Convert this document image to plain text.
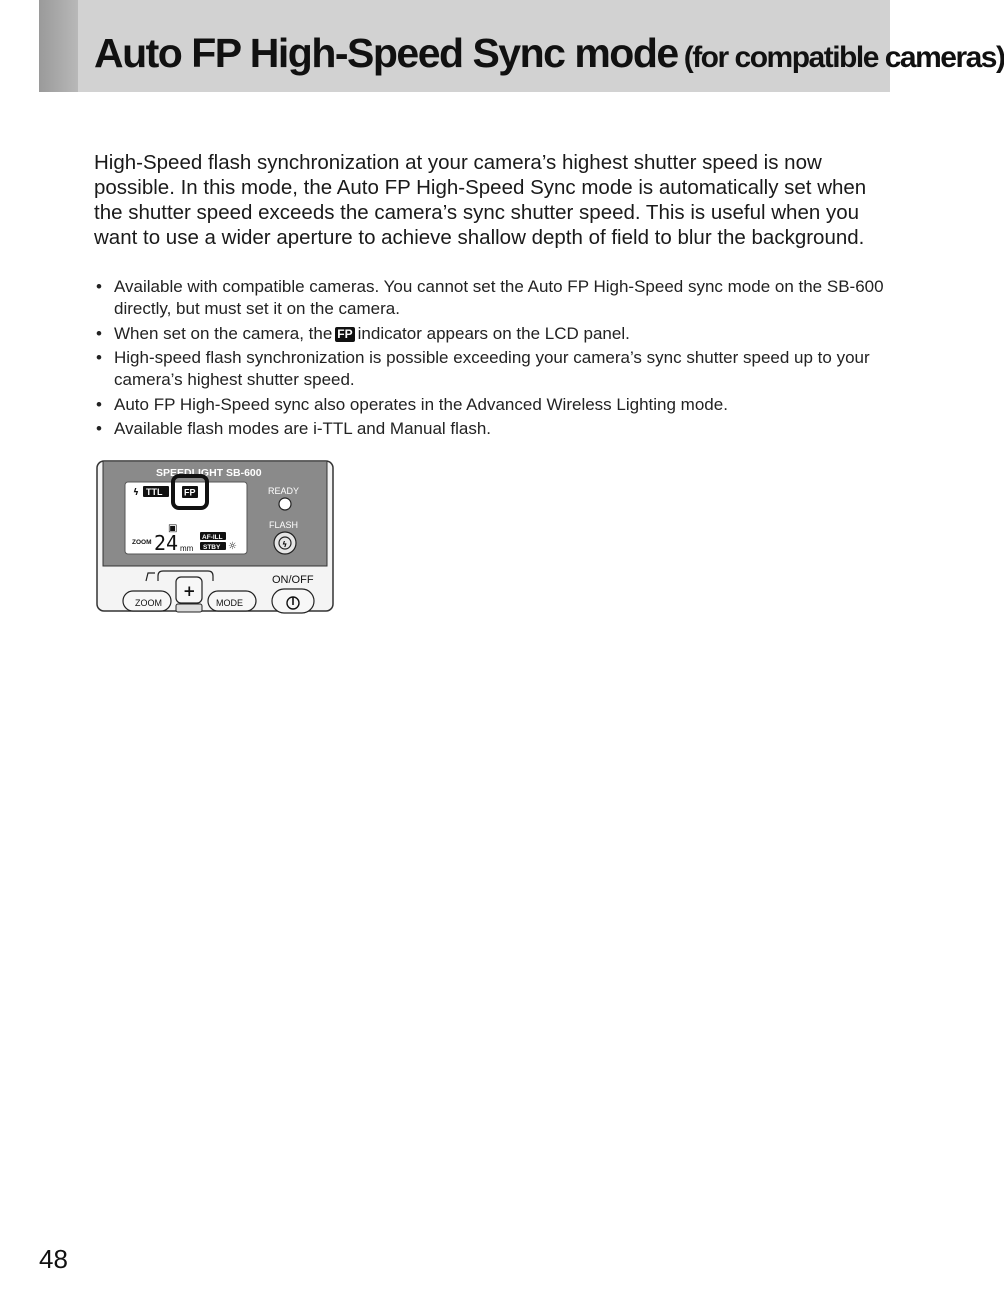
Auto FP High-Speed Sync mode (for compatible cameras)

High-Speed flash synchronization at your camera’s highest shutter speed is now possible. In this mode, the Auto FP High-Speed Sync mode is automatically set when the shutter speed exceeds the camera’s sync shutter speed. This is useful when you want to use a wider aperture to achieve shallow depth of field to blur the background.

• Available with compatible cameras. You cannot set the Auto FP High-Speed sync mode on the SB-600 directly, but must set it on the camera.
• When set on the camera, the FP indicator appears on the LCD panel.
• High-speed flash synchronization is possible exceeding your camera’s sync shutter speed up to your camera’s highest shutter speed.
• Auto FP High-Speed sync also operates in the Advanced Wireless Lighting mode.
• Available flash modes are i-TTL and Manual flash.
SPEEDLIGHT SB-600
ϟ TTL FP
▣
ZOOM 24 mm
AF-ILL
STBY ☼
READY
FLASH
ϟ
+
ZOOM	MODE
ON/OFF
48
